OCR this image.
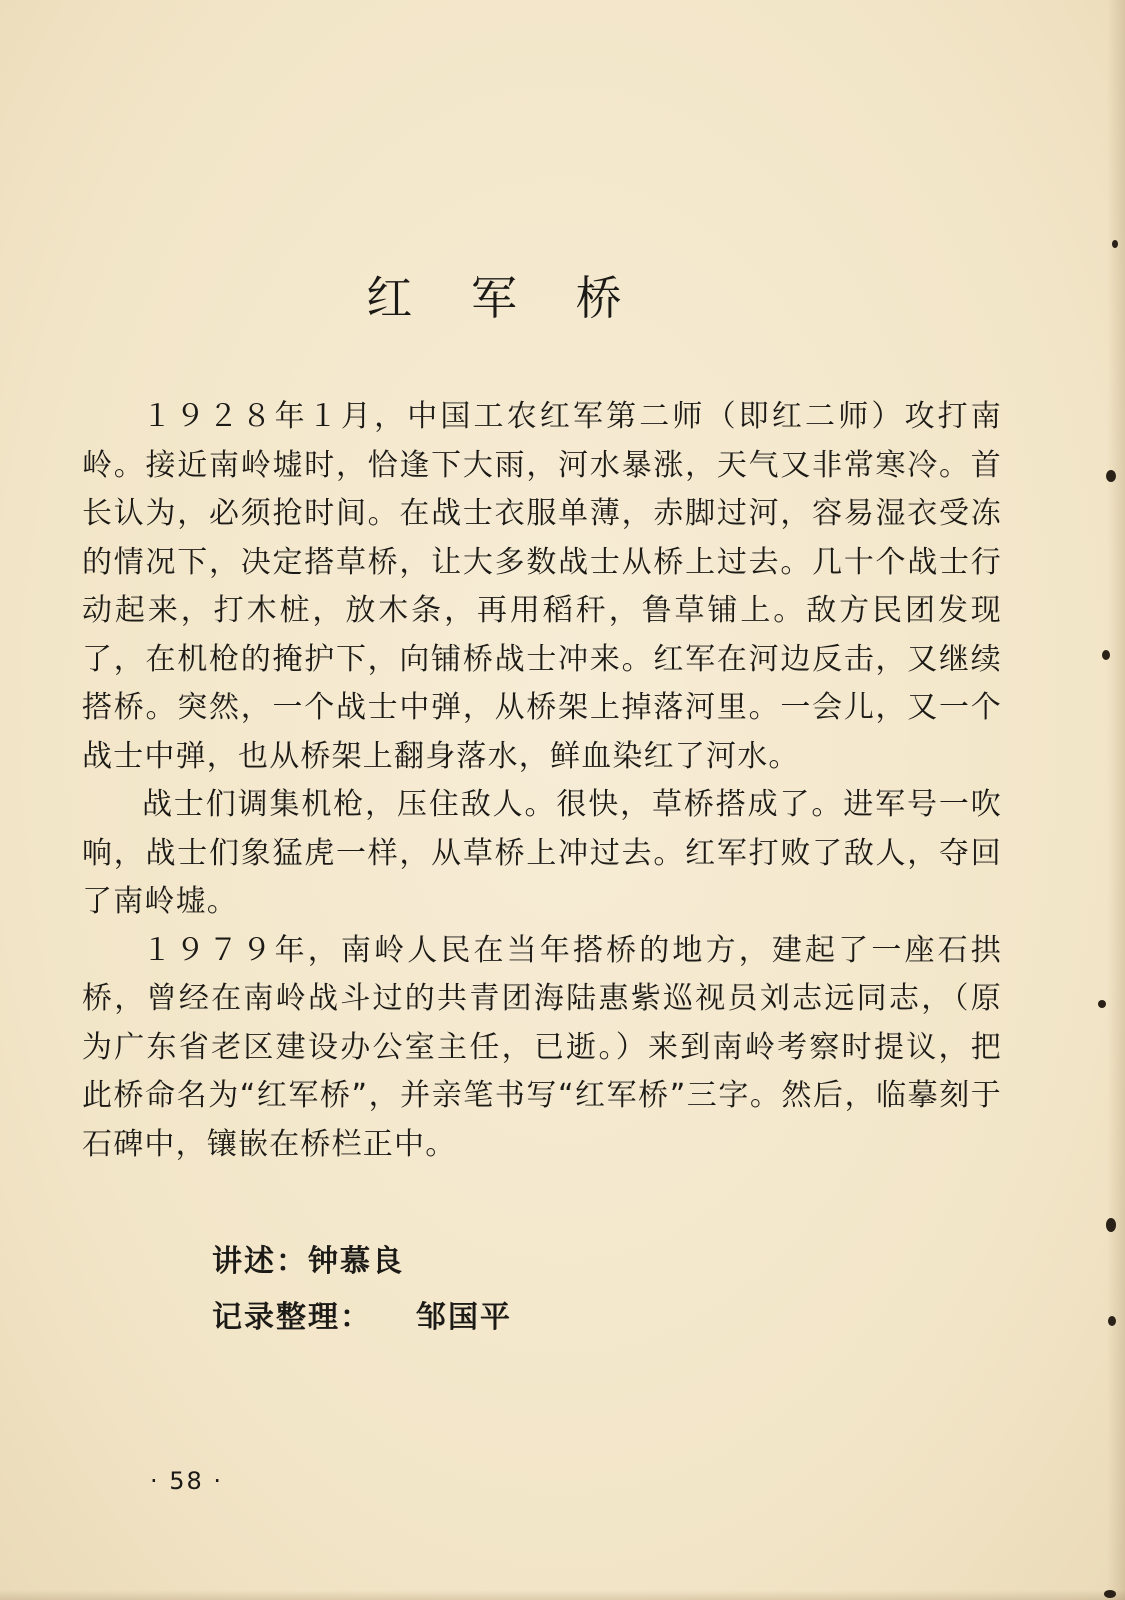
红 军 桥

１９２８年１月，中国工农红军第二师（即红二师）攻打南岭。接近南岭墟时，恰逢下大雨，河水暴涨，天气又非常寒冷。首长认为，必须抢时间。在战士衣服单薄，赤脚过河，容易湿衣受冻的情况下，决定搭草桥，让大多数战士从桥上过去。几十个战士行动起来，打木桩，放木条，再用稻秆，鲁草铺上。敌方民团发现了，在机枪的掩护下，向铺桥战士冲来。红军在河边反击，又继续搭桥。突然，一个战士中弹，从桥架上掉落河里。一会儿，又一个战士中弹，也从桥架上翻身落水，鲜血染红了河水。

战士们调集机枪，压住敌人。很快，草桥搭成了。进军号一吹响，战士们象猛虎一样，从草桥上冲过去。红军打败了敌人，夺回了南岭墟。

１９７９年，南岭人民在当年搭桥的地方，建起了一座石拱桥，曾经在南岭战斗过的共青团海陆惠紫巡视员刘志远同志，（原为广东省老区建设办公室主任，已逝。）来到南岭考察时提议，把此桥命名为“红军桥”，并亲笔书写“红军桥”三字。然后，临摹刻于石碑中，镶嵌在桥栏正中。

讲述：钟慕良
记录整理： 邹国平
· 58 ·
